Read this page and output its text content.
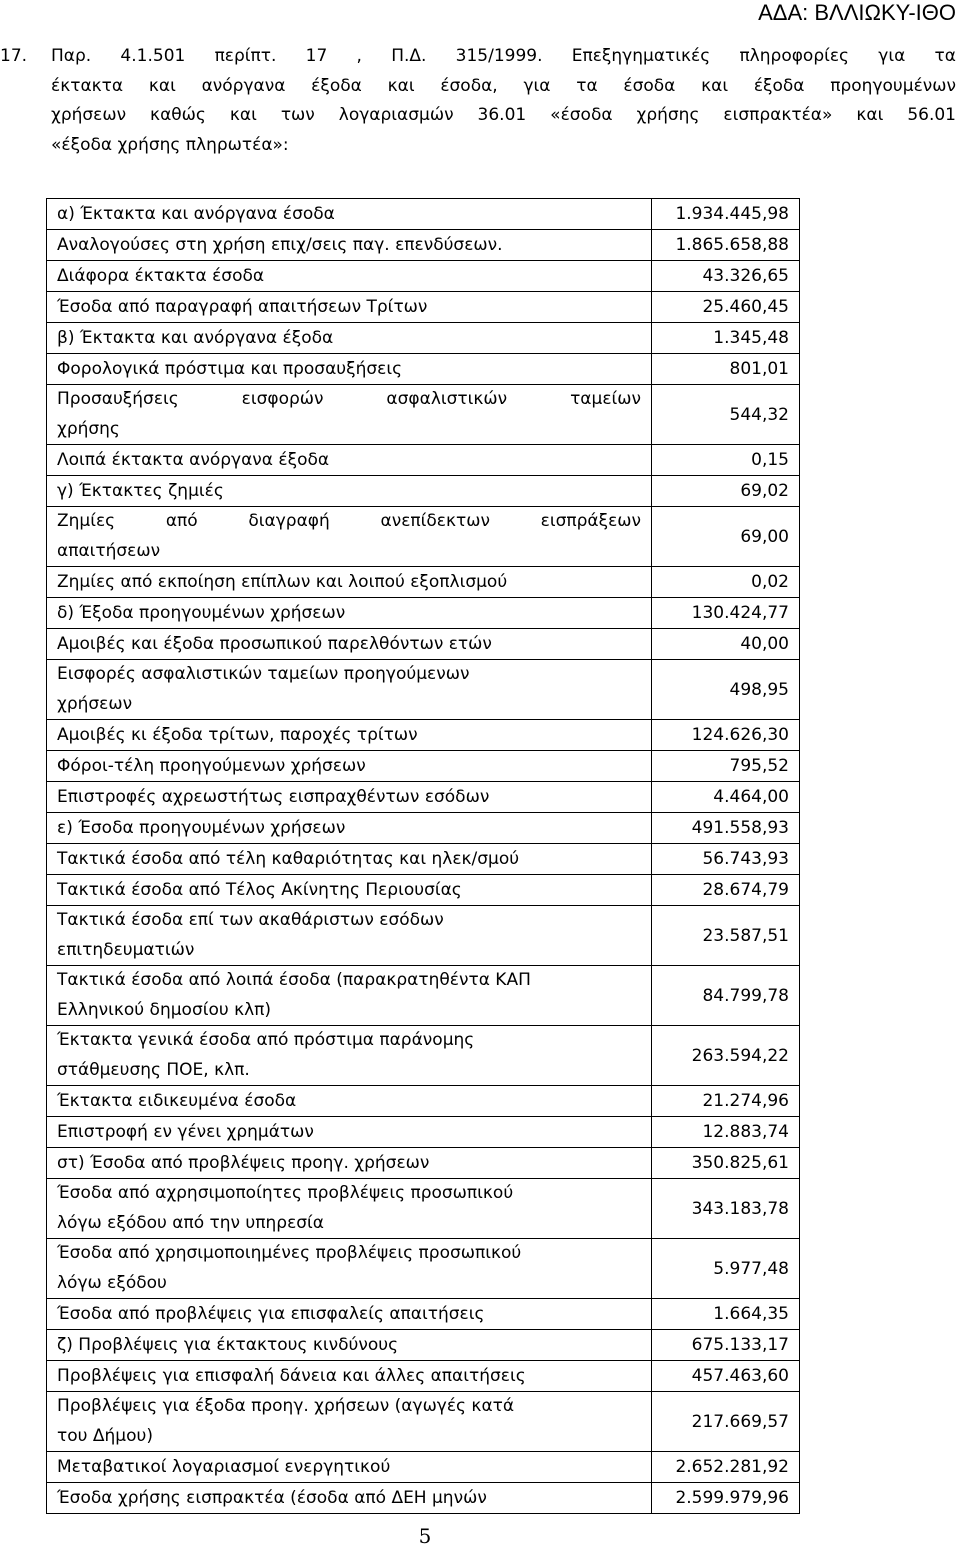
ΑΔΑ: ΒΛΛΙΩΚΥ-ΙΘΟ
17. Παρ. 4.1.501 περίπτ. 17 , Π.Δ. 315/1999. Επεξηγηματικές πληροφορίες για τα
έκτακτα και ανόργανα έξοδα και έσοδα, για τα έσοδα και έξοδα προηγουμένων
χρήσεων καθώς και των λογαριασμών 36.01 «έσοδα χρήσης εισπρακτέα» και 56.01
«έξοδα χρήσης πληρωτέα»:
α) Έκτακτα και ανόργανα έσοδα	1.934.445,98
Αναλογούσες στη χρήση επιχ/σεις παγ. επενδύσεων.	1.865.658,88
Διάφορα έκτακτα έσοδα	43.326,65
Έσοδα από παραγραφή απαιτήσεων Τρίτων	25.460,45
β) Έκτακτα και ανόργανα έξοδα	1.345,48
Φορολογικά πρόστιμα και προσαυξήσεις	801,01
Προσαυξήσεις εισφορών ασφαλιστικών ταμείων
χρήσης	544,32
Λοιπά έκτακτα ανόργανα έξοδα	0,15
γ) Έκτακτες ζημιές	69,02
Ζημίες από διαγραφή ανεπίδεκτων εισπράξεων
απαιτήσεων	69,00
Ζημίες από εκποίηση επίπλων και λοιπού εξοπλισμού	0,02
δ) Έξοδα προηγουμένων χρήσεων	130.424,77
Αμοιβές και έξοδα προσωπικού παρελθόντων ετών	40,00
Εισφορές ασφαλιστικών ταμείων προηγούμενων
χρήσεων	498,95
Αμοιβές κι έξοδα τρίτων, παροχές τρίτων	124.626,30
Φόροι-τέλη προηγούμενων χρήσεων	795,52
Επιστροφές αχρεωστήτως εισπραχθέντων εσόδων	4.464,00
ε) Έσοδα προηγουμένων χρήσεων	491.558,93
Τακτικά έσοδα από τέλη καθαριότητας και ηλεκ/σμού	56.743,93
Τακτικά έσοδα από Τέλος Ακίνητης Περιουσίας	28.674,79
Τακτικά έσοδα επί των ακαθάριστων εσόδων
επιτηδευματιών	23.587,51
Τακτικά έσοδα από λοιπά έσοδα (παρακρατηθέντα ΚΑΠ
Ελληνικού δημοσίου κλπ)	84.799,78
Έκτακτα γενικά έσοδα από πρόστιμα παράνομης
στάθμευσης ΠΟΕ, κλπ.	263.594,22
Έκτακτα ειδικευμένα έσοδα	21.274,96
Επιστροφή εν γένει χρημάτων	12.883,74
στ) Έσοδα από προβλέψεις προηγ. χρήσεων	350.825,61
Έσοδα από αχρησιμοποίητες προβλέψεις προσωπικού
λόγω εξόδου από την υπηρεσία	343.183,78
Έσοδα από χρησιμοποιημένες προβλέψεις προσωπικού
λόγω εξόδου	5.977,48
Έσοδα από προβλέψεις για επισφαλείς απαιτήσεις	1.664,35
ζ) Προβλέψεις για έκτακτους κινδύνους	675.133,17
Προβλέψεις για επισφαλή δάνεια και άλλες απαιτήσεις	457.463,60
Προβλέψεις για έξοδα προηγ. χρήσεων (αγωγές κατά
του Δήμου)	217.669,57
Μεταβατικοί λογαριασμοί ενεργητικού	2.652.281,92
Έσοδα χρήσης εισπρακτέα (έσοδα από ΔΕΗ μηνών	2.599.979,96
5
